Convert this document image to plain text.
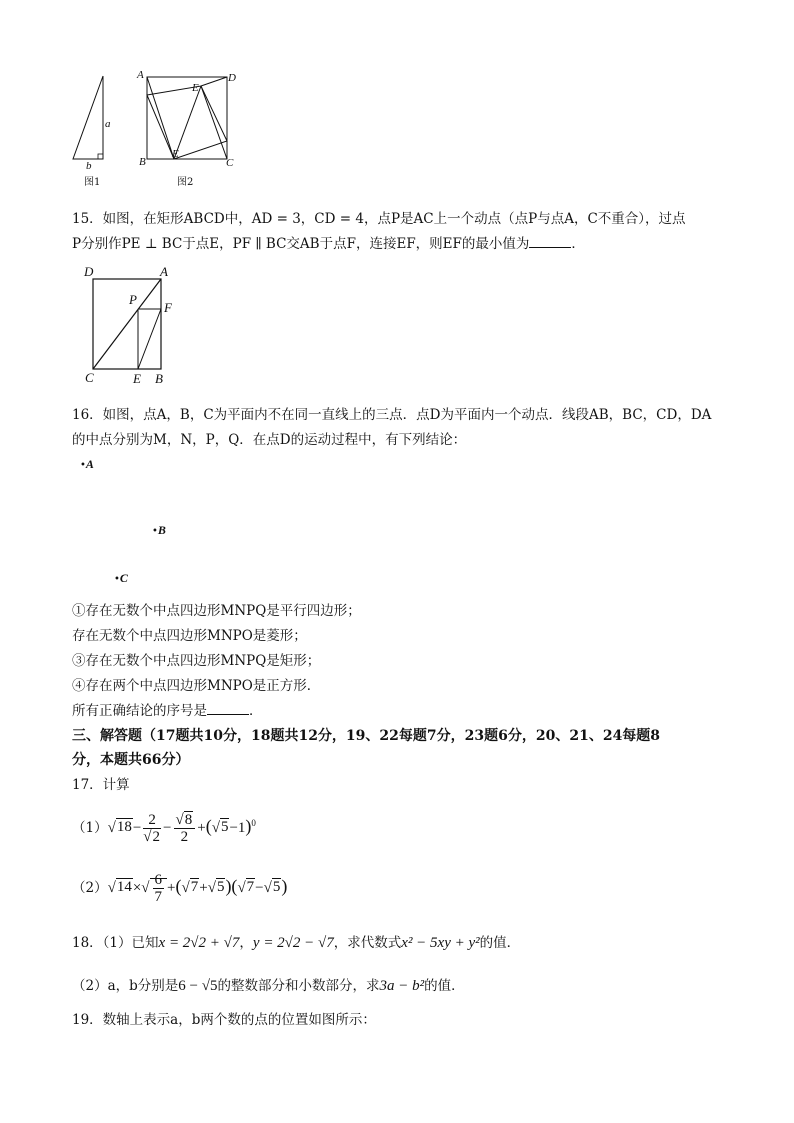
a
b
图1
A	D
E
E
B	C
图2
15．如图，在矩形ABCD中，AD = 3，CD = 4，点P是AC上一个动点（点P与点A，C不重合），过点
P分别作PE ⊥ BC于点E，PF ∥ BC交AB于点F，连接EF，则EF的最小值为	．
D	A
P
F
C	E B
16．如图，点A，B，C为平面内不在同一直线上的三点．点D为平面内一个动点．线段AB，BC，CD，DA
的中点分别为M，N，P，Q．在点D的运动过程中，有下列结论：
•A
•B
•C
①存在无数个中点四边形MNPQ是平行四边形；
存在无数个中点四边形MNPO是菱形；
③存在无数个中点四边形MNPQ是矩形；
④存在两个中点四边形MNPO是正方形．
所有正确结论的序号是	．
三、解答题（17题共10分，18题共12分，19、22每题7分，23题6分，20、21、24每题8
分，本题共66分）
17．计算
（1） $√18- \frac{2}{√2} - \frac{√8}{2} +(√5-1)^0$
（2） $√14\times√ \frac{6}{7} +(√7+√5)(√7-√5)$
18．（1）已知x = 2√2 + √7，y = 2√2 − √7，求代数式x² − 5xy + y²的值．
（2）a，b分别是6 − √5的整数部分和小数部分，求3a − b²的值．
19．数轴上表示a，b两个数的点的位置如图所示：
